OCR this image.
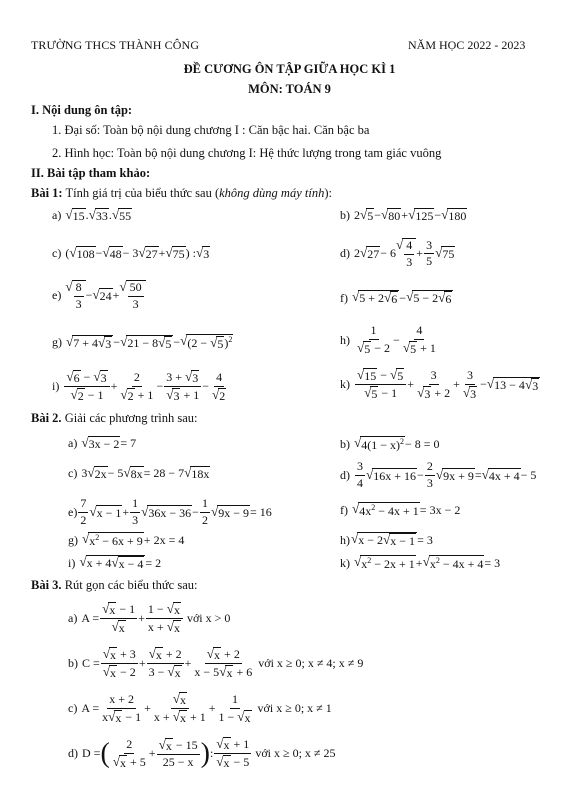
TRƯỜNG THCS THÀNH CÔNG	NĂM HỌC 2022 - 2023
ĐỀ CƯƠNG ÔN TẬP GIỮA HỌC KÌ 1
MÔN: TOÁN 9
I. Nội dung ôn tập:
1. Đại số: Toàn bộ nội dung chương I : Căn bậc hai. Căn bậc ba
2. Hình học: Toàn bộ nội dung chương I: Hệ thức lượng trong tam giác vuông
II. Bài tập tham khảo:
Bài 1: Tính giá trị của biểu thức sau (không dùng máy tính):
a) √ 15 . √ 33 . √ 55	b) 2 √ 5 − √ 80 + √ 125 − √ 180
c) ( √ 108 − √ 48 − 3 √ 27 + √ 75 ) : √ 3	d) 2 √ 27 − 6
√ $\frac{4}{3}$ +
3
5
√ 75
e)
√ $\frac{8}{3}$ − √ 24 +
√ $\frac{50}{3}$	f) √ 5 + 2 √ 6 − √ 5 − 2 √ 6
g) √ 7 + 4 √ 3 − √ 21 − 8 √ 5 − √ (2 − √ 5 )$^2$	h)
1
√ 5 − 2
−
4
√ 5 + 1
i)
√ 6 − √ 3
√ 2 − 1
+
2
√ 2 + 1
−
3 + √ 3
√ 3 + 1
−
4
√ 2
k)
√ 15 − √ 5
√ 5 − 1
+
3
√ 3 + 2
+
3
√ 3
− √ 13 − 4 √ 3
Bài 2. Giải các phương trình sau:
a) √ 3x − 2 = 7	b) √ $4(1 - x)^2 - 8 = 0$
c) 3 √ 2x − 5 √ 8x = 28 − 7 √ 18x	d)
3
4
√ 16x + 16 −
2
3
√ 9x + 9 = √ 4x + 4 − 5
e)
7
2
√ x − 1 +
1
3
√ 36x − 36 −
1
2
√ 9x − 9 = 16	f) √ $4x^2 - 4x + 1 = 3x - 2$
g) √ $x^2 - 6x + 9 + 2x = 4$	h) √ x − 2 √ x − 1 = 3
i) √ x + 4 √ x − 4 = 2	k) √ $x^2 - 2x + 1$ + √ $x^2 - 4x + 4 = 3$
Bài 3. Rút gọn các biểu thức sau:
a) A =
√ x − 1
√ x
+
1 − √ x
x + √ x

với x > 0
b) C =
√ x + 3
√ x − 2
+
√ x + 2
3 − √ x
+
√ x + 2
x − 5 √ x + 6

với x ≥ 0; x ≠ 4; x ≠ 9
c) A =
x + 2
x √ x − 1
+
√ x
x + √ x + 1
+
1
1 − √ x

với x ≥ 0; x ≠ 1
d) D = ( 2
√ x + 5
+
√ x − 15
25 − x ) :
√ x + 1
√ x − 5

với x ≥ 0; x ≠ 25
